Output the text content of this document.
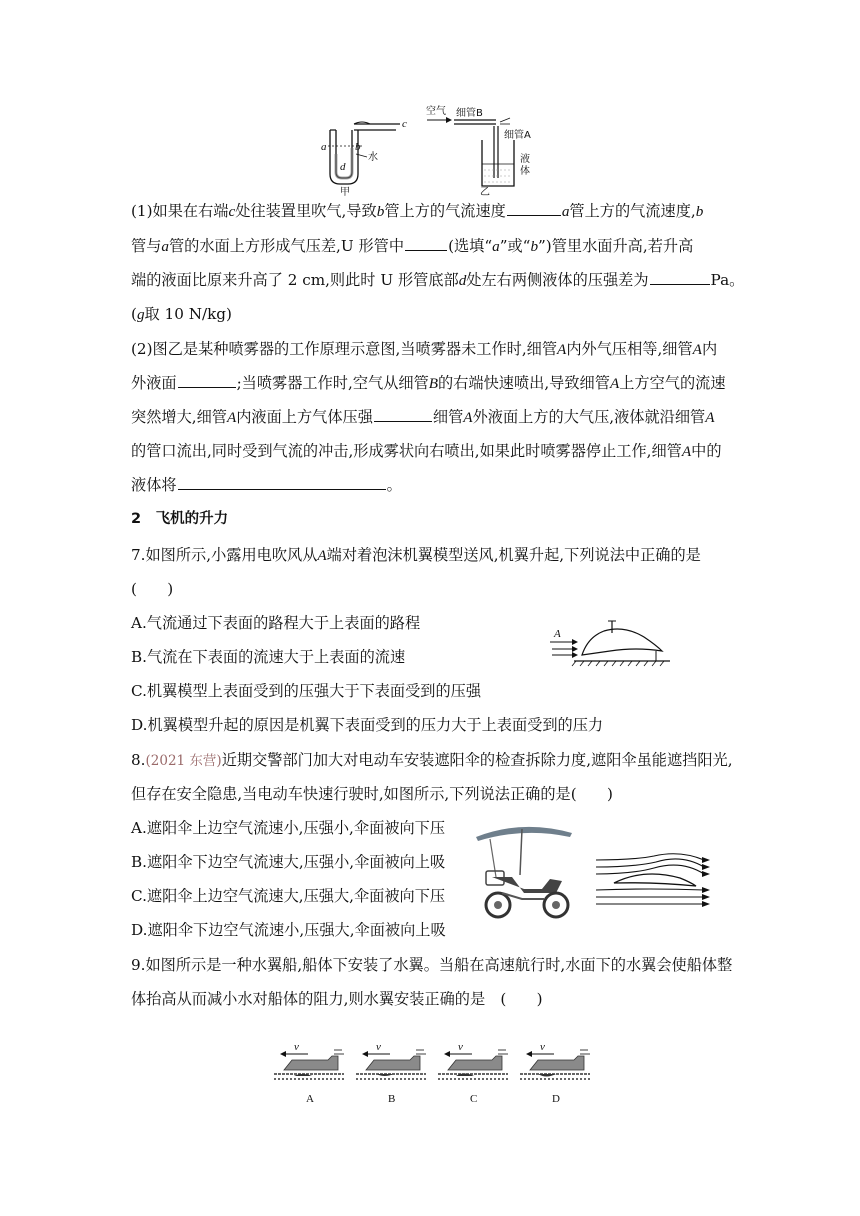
a	b
c
d
水
甲
空气 细管B
细管A
液
体
乙
(1)如果在右端c处往装置里吹气,导致b管上方的气流速度	a管上方的气流速度,b
管与a管的水面上方形成气压差,U 形管中	(选填“a”或“b”)管里水面升高,若升高
端的液面比原来升高了 2 cm,则此时 U 形管底部d处左右两侧液体的压强差为	Pa。
(g取 10 N/kg)
(2)图乙是某种喷雾器的工作原理示意图,当喷雾器未工作时,细管A内外气压相等,细管A内
外液面	;当喷雾器工作时,空气从细管B的右端快速喷出,导致细管A上方空气的流速
突然增大,细管A内液面上方气体压强	细管A外液面上方的大气压,液体就沿细管A
的管口流出,同时受到气流的冲击,形成雾状向右喷出,如果此时喷雾器停止工作,细管A中的
液体将	。
2　飞机的升力
7.如图所示,小露用电吹风从A端对着泡沫机翼模型送风,机翼升起,下列说法中正确的是
(　　)
A.气流通过下表面的路程大于上表面的路程
B.气流在下表面的流速大于上表面的流速
C.机翼模型上表面受到的压强大于下表面受到的压强
D.机翼模型升起的原因是机翼下表面受到的压力大于上表面受到的压力
A
8.(2021 东营)近期交警部门加大对电动车安装遮阳伞的检查拆除力度,遮阳伞虽能遮挡阳光,
但存在安全隐患,当电动车快速行驶时,如图所示,下列说法正确的是(　　)
A.遮阳伞上边空气流速小,压强小,伞面被向下压
B.遮阳伞下边空气流速大,压强小,伞面被向上吸
C.遮阳伞上边空气流速大,压强大,伞面被向下压
D.遮阳伞下边空气流速小,压强大,伞面被向上吸
9.如图所示是一种水翼船,船体下安装了水翼。当船在高速航行时,水面下的水翼会使船体整
体抬高从而减小水对船体的阻力,则水翼安装正确的是　(　　)
v
A
v
B
v
C
v
D
